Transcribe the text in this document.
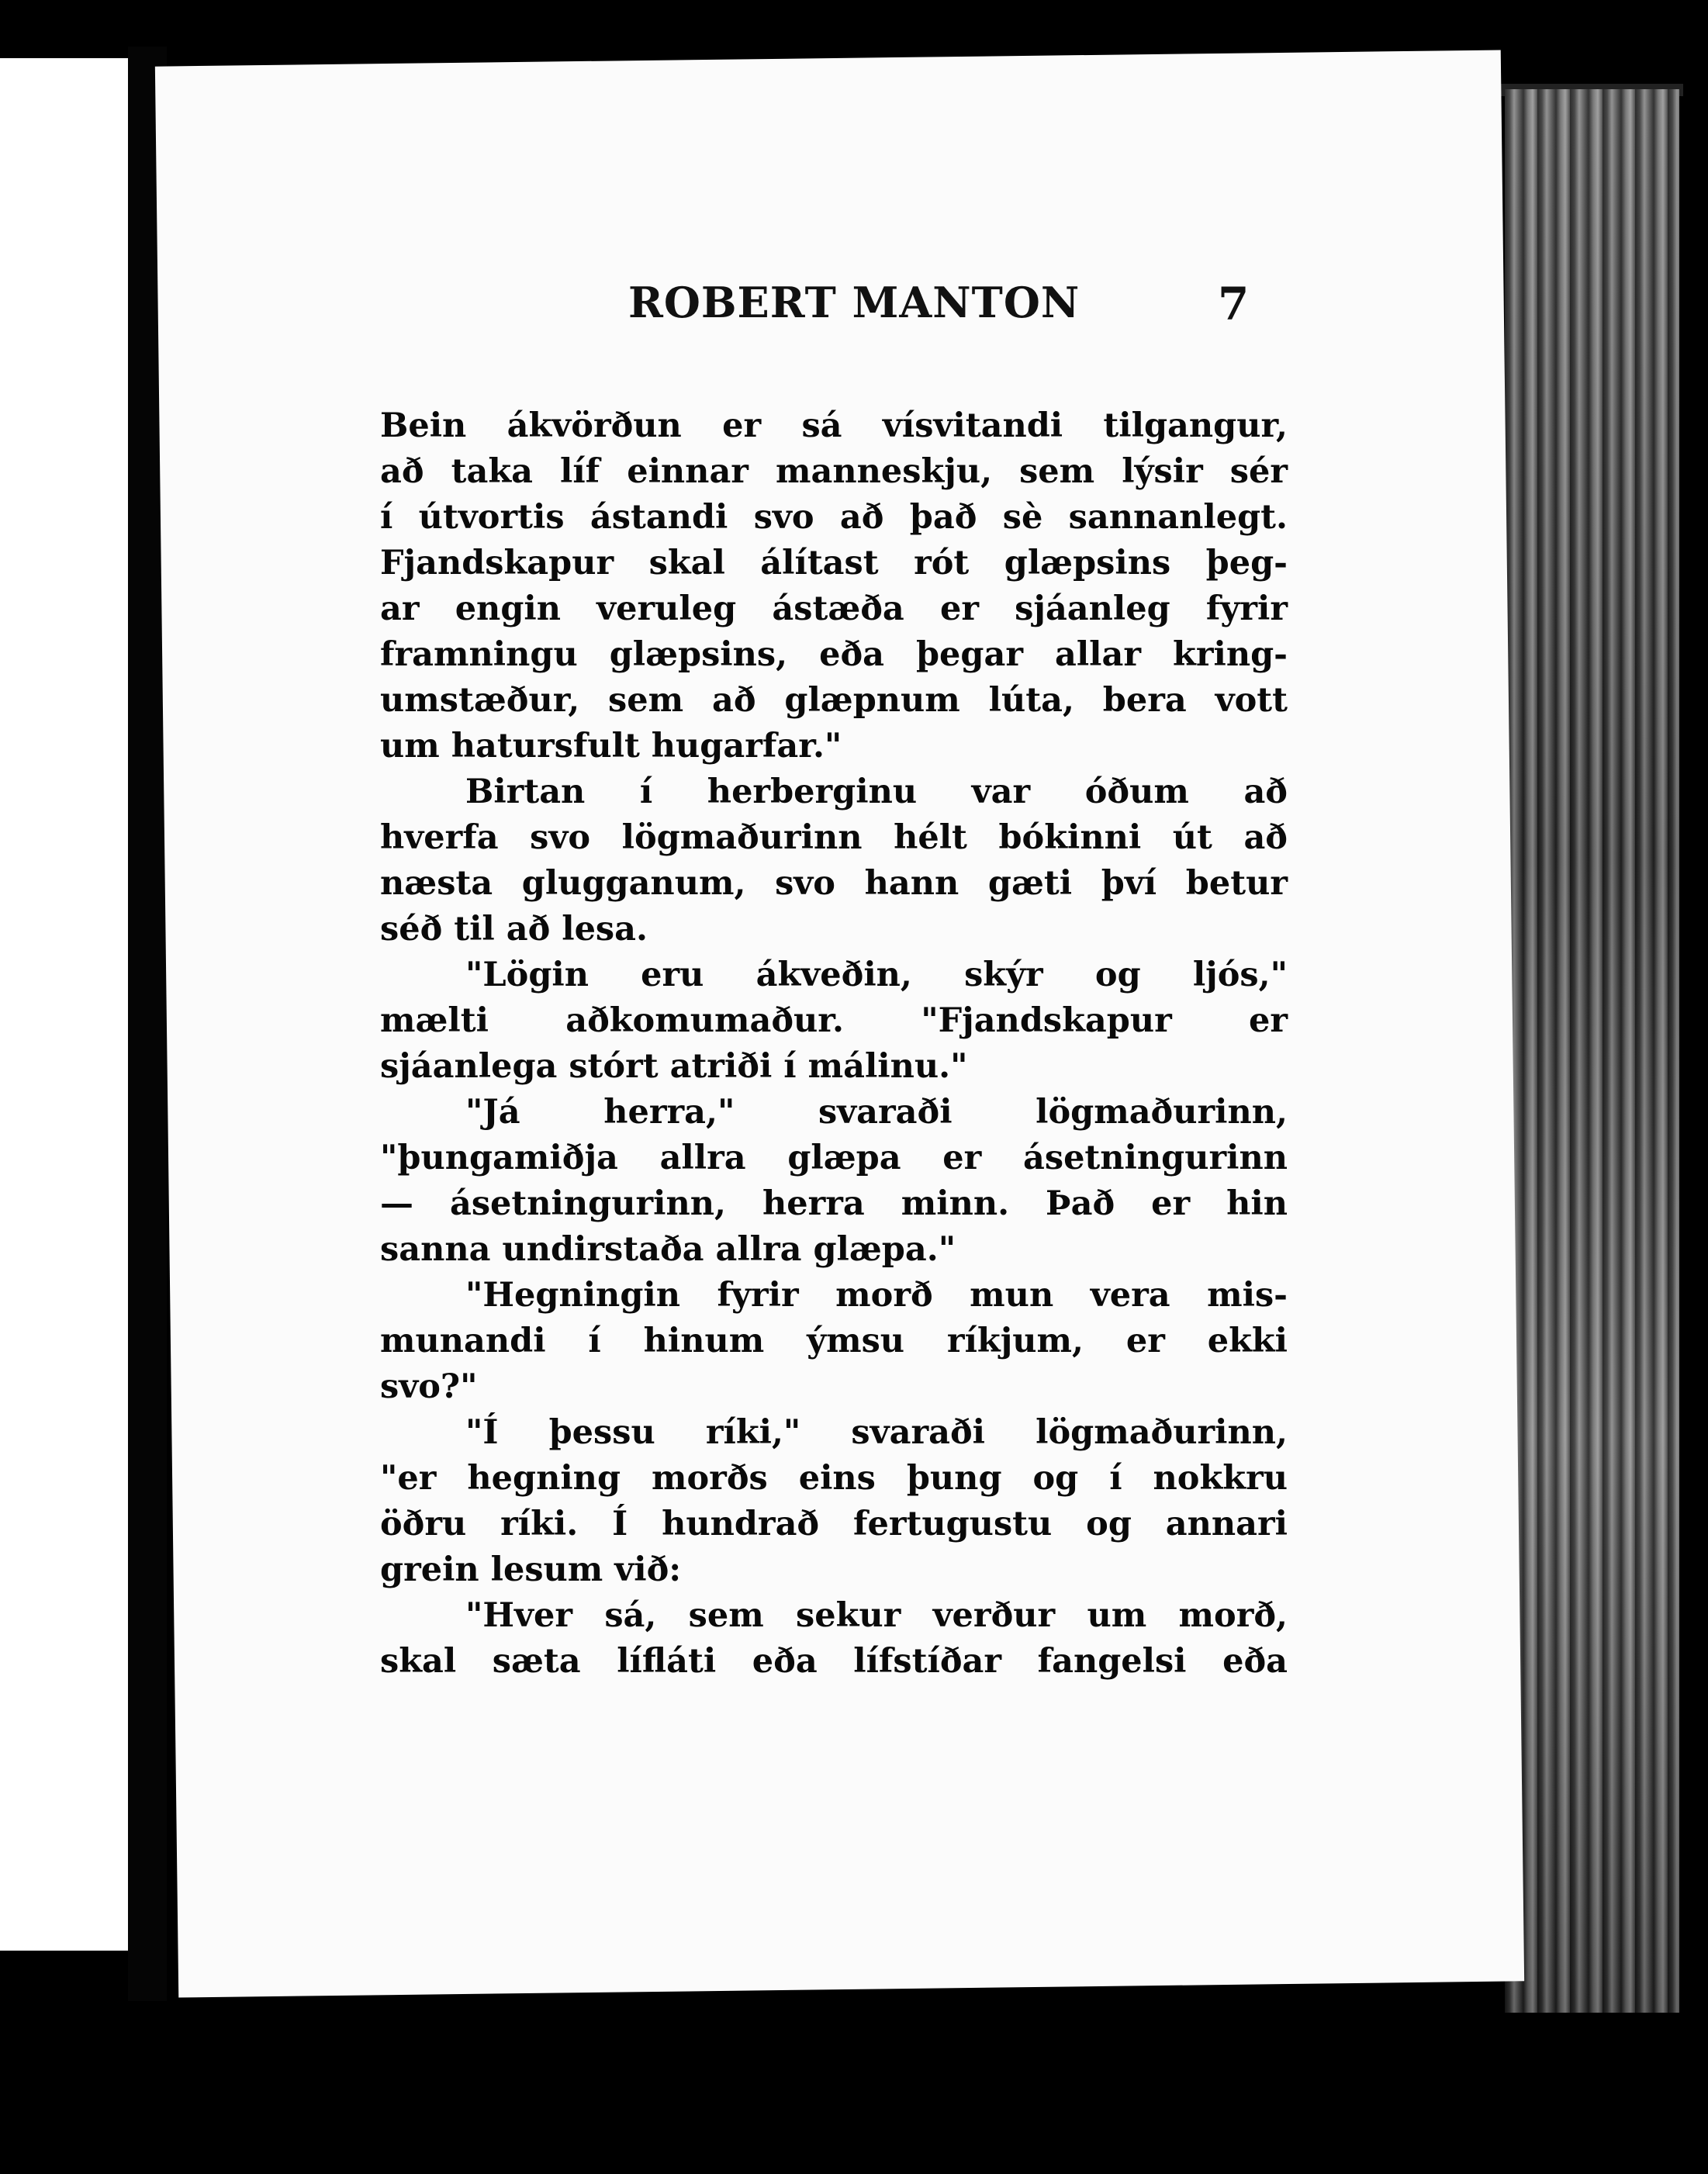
ROBERT MANTON	7
Bein ákvörðun er sá vísvitandi tilgangur,
að taka líf einnar manneskju, sem lýsir sér
í útvortis ástandi svo að það sè sannanlegt.
Fjandskapur skal álítast rót glæpsins þeg-
ar engin veruleg ástæða er sjáanleg fyrir
framningu glæpsins, eða þegar allar kring-
umstæður, sem að glæpnum lúta, bera vott
um hatursfult hugarfar."
Birtan í herberginu var óðum að
hverfa svo lögmaðurinn hélt bókinni út að
næsta glugganum, svo hann gæti því betur
séð til að lesa.
"Lögin eru ákveðin, skýr og ljós,"
mælti aðkomumaður. "Fjandskapur er
sjáanlega stórt atriði í málinu."
"Já herra," svaraði lögmaðurinn,
"þungamiðja allra glæpa er ásetningurinn
— ásetningurinn, herra minn. Það er hin
sanna undirstaða allra glæpa."
"Hegningin fyrir morð mun vera mis-
munandi í hinum ýmsu ríkjum, er ekki
svo?"
"Í þessu ríki," svaraði lögmaðurinn,
"er hegning morðs eins þung og í nokkru
öðru ríki. Í hundrað fertugustu og annari
grein lesum við:
"Hver sá, sem sekur verður um morð,
skal sæta lífláti eða lífstíðar fangelsi eða
